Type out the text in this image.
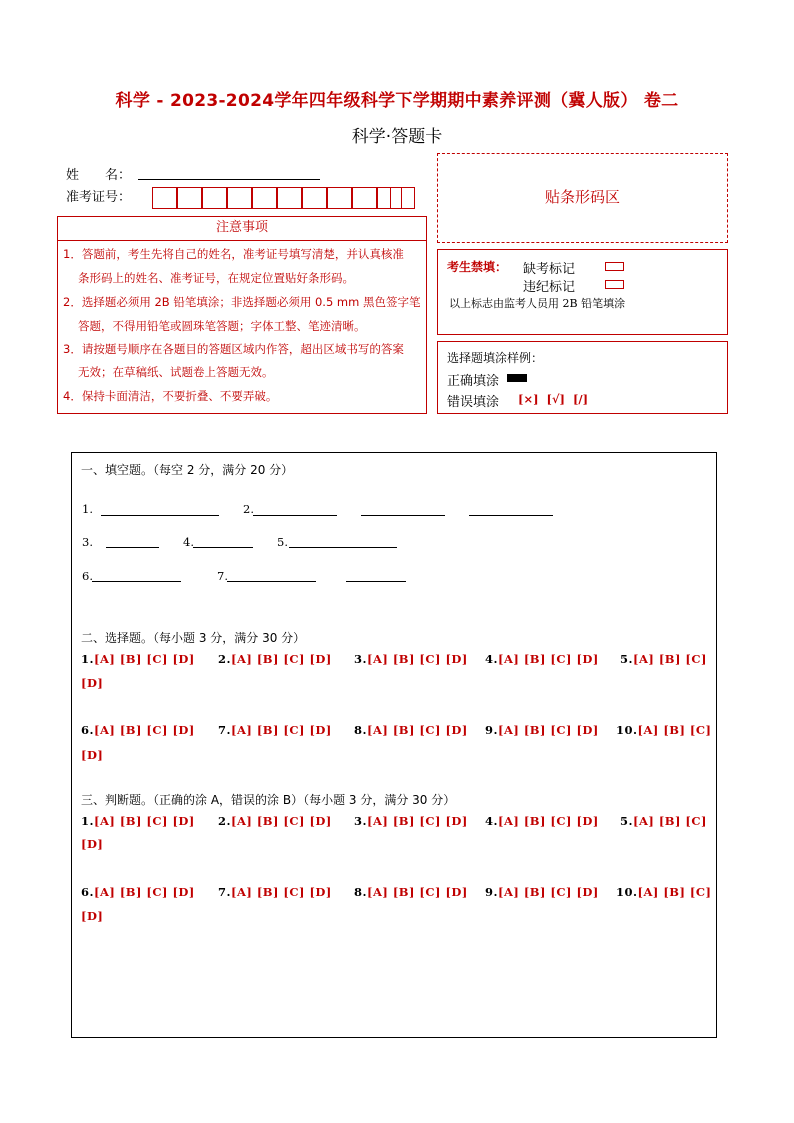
科学 - 2023-2024学年四年级科学下学期期中素养评测（冀人版） 卷二
科学·答题卡
姓　　名：
准考证号：	贴条形码区
注意事项
1．答题前，考生先将自己的姓名，准考证号填写清楚，并认真核准
条形码上的姓名、准考证号，在规定位置贴好条形码。
2．选择题必须用 2B 铅笔填涂；非选择题必须用 0.5 mm 黑色签字笔
答题，不得用铅笔或圆珠笔答题；字体工整、笔迹清晰。
3．请按题号顺序在各题目的答题区域内作答，超出区域书写的答案
无效；在草稿纸、试题卷上答题无效。
4．保持卡面清洁，不要折叠、不要弄破。
考生禁填： 缺考标记
违纪标记
以上标志由监考人员用 2B 铅笔填涂
选择题填涂样例：
正确填涂
错误填涂 [×]  [√]  [/]
一、填空题。（每空 2 分，满分 20 分）
1.	2.
3.	4.	5.
6.	7.
二、选择题。（每小题 3 分，满分 30 分）
1.[A] [B] [C] [D] 2.[A] [B] [C] [D] 3.[A] [B] [C] [D] 4.[A] [B] [C] [D] 5.[A] [B] [C]
[D]
6.[A] [B] [C] [D] 7.[A] [B] [C] [D] 8.[A] [B] [C] [D] 9.[A] [B] [C] [D] 10.[A] [B] [C]
[D]
三、判断题。（正确的涂 A，错误的涂 B）（每小题 3 分，满分 30 分）
1.[A] [B] [C] [D] 2.[A] [B] [C] [D] 3.[A] [B] [C] [D] 4.[A] [B] [C] [D] 5.[A] [B] [C]
[D]
6.[A] [B] [C] [D] 7.[A] [B] [C] [D] 8.[A] [B] [C] [D] 9.[A] [B] [C] [D] 10.[A] [B] [C]
[D]
